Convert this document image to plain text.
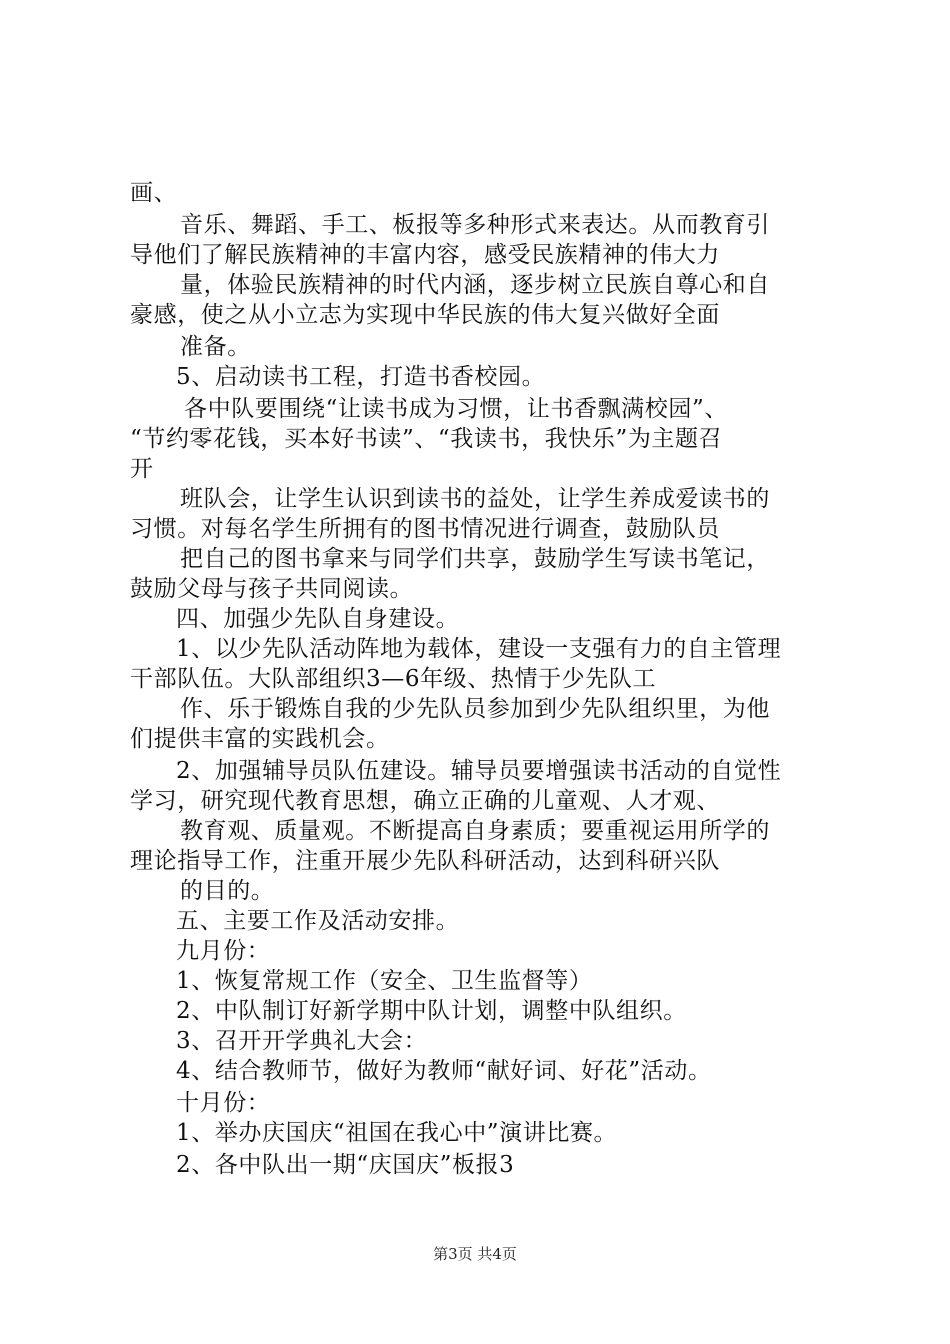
画、
音乐、舞蹈、手工、板报等多种形式来表达。从而教育引
导他们了解民族精神的丰富内容，感受民族精神的伟大力
量，体验民族精神的时代内涵，逐步树立民族自尊心和自
豪感，使之从小立志为实现中华民族的伟大复兴做好全面
准备。
5、启动读书工程，打造书香校园。
各中队要围绕“让读书成为习惯，让书香飘满校园”、
“节约零花钱，买本好书读”、“我读书，我快乐”为主题召
开
班队会，让学生认识到读书的益处，让学生养成爱读书的
习惯。对每名学生所拥有的图书情况进行调查，鼓励队员
把自己的图书拿来与同学们共享，鼓励学生写读书笔记，
鼓励父母与孩子共同阅读。
四、加强少先队自身建设。
1、以少先队活动阵地为载体，建设一支强有力的自主管理
干部队伍。大队部组织3—6年级、热情于少先队工
作、乐于锻炼自我的少先队员参加到少先队组织里，为他
们提供丰富的实践机会。
2、加强辅导员队伍建设。辅导员要增强读书活动的自觉性
学习，研究现代教育思想，确立正确的儿童观、人才观、
教育观、质量观。不断提高自身素质；要重视运用所学的
理论指导工作，注重开展少先队科研活动，达到科研兴队
的目的。
五、主要工作及活动安排。
九月份：
1、恢复常规工作（安全、卫生监督等）
2、中队制订好新学期中队计划，调整中队组织。
3、召开开学典礼大会：
4、结合教师节，做好为教师“献好词、好花”活动。
十月份：
1、举办庆国庆“祖国在我心中”演讲比赛。
2、各中队出一期“庆国庆”板报3
第3页 共4页
